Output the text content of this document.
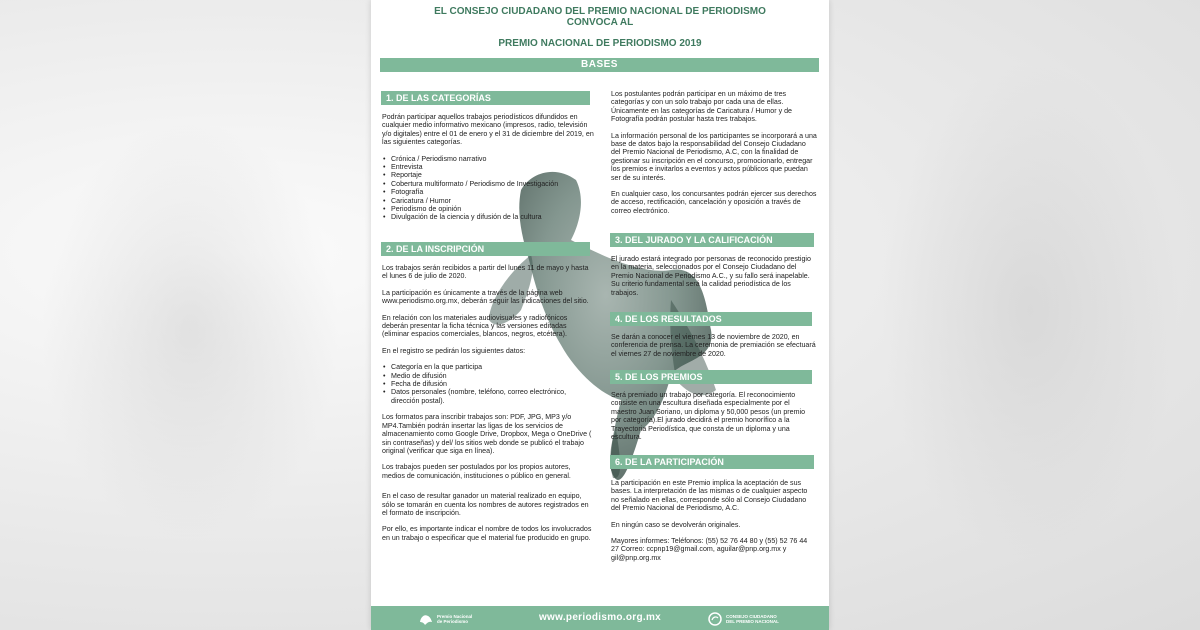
EL CONSEJO CIUDADANO DEL PREMIO NACIONAL DE PERIODISMO
CONVOCA AL
PREMIO NACIONAL DE PERIODISMO 2019
BASES
1. DE LAS CATEGORÍAS

Podrán participar aquellos trabajos periodísticos difundidos en cualquier medio informativo mexicano (impresos, radio, televisión y/o digitales) entre el 01 de enero y el 31 de diciembre del 2019, en las siguientes categorías.

• Crónica / Periodismo narrativo
• Entrevista
• Reportaje
• Cobertura multiformato / Periodismo de Investigación
• Fotografía
• Caricatura / Humor
• Periodismo de opinión
• Divulgación de la ciencia y difusión de la cultura
2. DE LA INSCRIPCIÓN

Los trabajos serán recibidos a partir del lunes 11 de mayo y hasta el lunes 6 de julio de 2020.

La participación es únicamente a través de la página web www.periodismo.org.mx, deberán seguir las indicaciones del sitio.

En relación con los materiales audiovisuales y radiofónicos deberán presentar la ficha técnica y las versiones editadas (eliminar espacios comerciales, blancos, negros, etcétera).

En el registro se pedirán los siguientes datos:

• Categoría en la que participa
• Medio de difusión
• Fecha de difusión
• Datos personales (nombre, teléfono, correo electrónico, dirección postal).

Los formatos para inscribir trabajos son: PDF, JPG, MP3 y/o MP4.También podrán insertar las ligas de los servicios de almacenamiento como Google Drive, Dropbox, Mega o OneDrive ( sin contraseñas) y del/ los sitios web donde se publicó el trabajo original (verificar que siga en línea).

Los trabajos pueden ser postulados por los propios autores, medios de comunicación, instituciones o público en general.

En el caso de resultar ganador un material realizado en equipo, sólo se tomarán en cuenta los nombres de autores registrados en el formato de inscripción.

Por ello, es importante indicar el nombre de todos los involucrados en un trabajo o especificar que el material fue producido en grupo.

Los postulantes podrán participar en un máximo de tres categorías y con un solo trabajo por cada una de ellas. Únicamente en las categorías de Caricatura / Humor y de Fotografía podrán postular hasta tres trabajos.

La información personal de los participantes se incorporará a una base de datos bajo la responsabilidad del Consejo Ciudadano del Premio Nacional de Periodismo, A.C, con la finalidad de gestionar su inscripción en el concurso, promocionarlo, entregar los premios e invitarlos a eventos y actos públicos que puedan ser de su interés.

En cualquier caso, los concursantes podrán ejercer sus derechos de acceso, rectificación, cancelación y oposición a través de correo electrónico.

3. DEL JURADO Y LA CALIFICACIÓN

El jurado estará integrado por personas de reconocido prestigio en la materia, seleccionados por el Consejo Ciudadano del Premio Nacional de Periodismo A.C., y su fallo será inapelable. Su criterio fundamental será la calidad periodística de los trabajos.

4. DE LOS RESULTADOS

Se darán a conocer el viernes 13 de noviembre de 2020, en conferencia de prensa. La ceremonia de premiación se efectuará el viernes 27 de noviembre de 2020.

5. DE LOS PREMIOS

Será premiado un trabajo por categoría. El reconocimiento consiste en una escultura diseñada especialmente por el maestro Juan Soriano, un diploma y 50,000 pesos (un premio por categoría).El jurado decidirá el premio honorífico a la Trayectoria Periodística, que consta de un diploma y una escultura.

6. DE LA PARTICIPACIÓN

La participación en este Premio implica la aceptación de sus bases. La interpretación de las mismas o de cualquier aspecto no señalado en ellas, corresponde sólo al Consejo Ciudadano del Premio Nacional de Periodismo, A.C.

En ningún caso se devolverán originales.

Mayores informes: Teléfonos: (55) 52 76 44 80 y (55) 52 76 44 27 Correo: ccpnp19@gmail.com, aguilar@pnp.org.mx y gil@pnp.org.mx

Premio Nacional
de Periodismo	www.periodismo.org.mx	CONSEJO CIUDADANO
DEL PREMIO NACIONAL
